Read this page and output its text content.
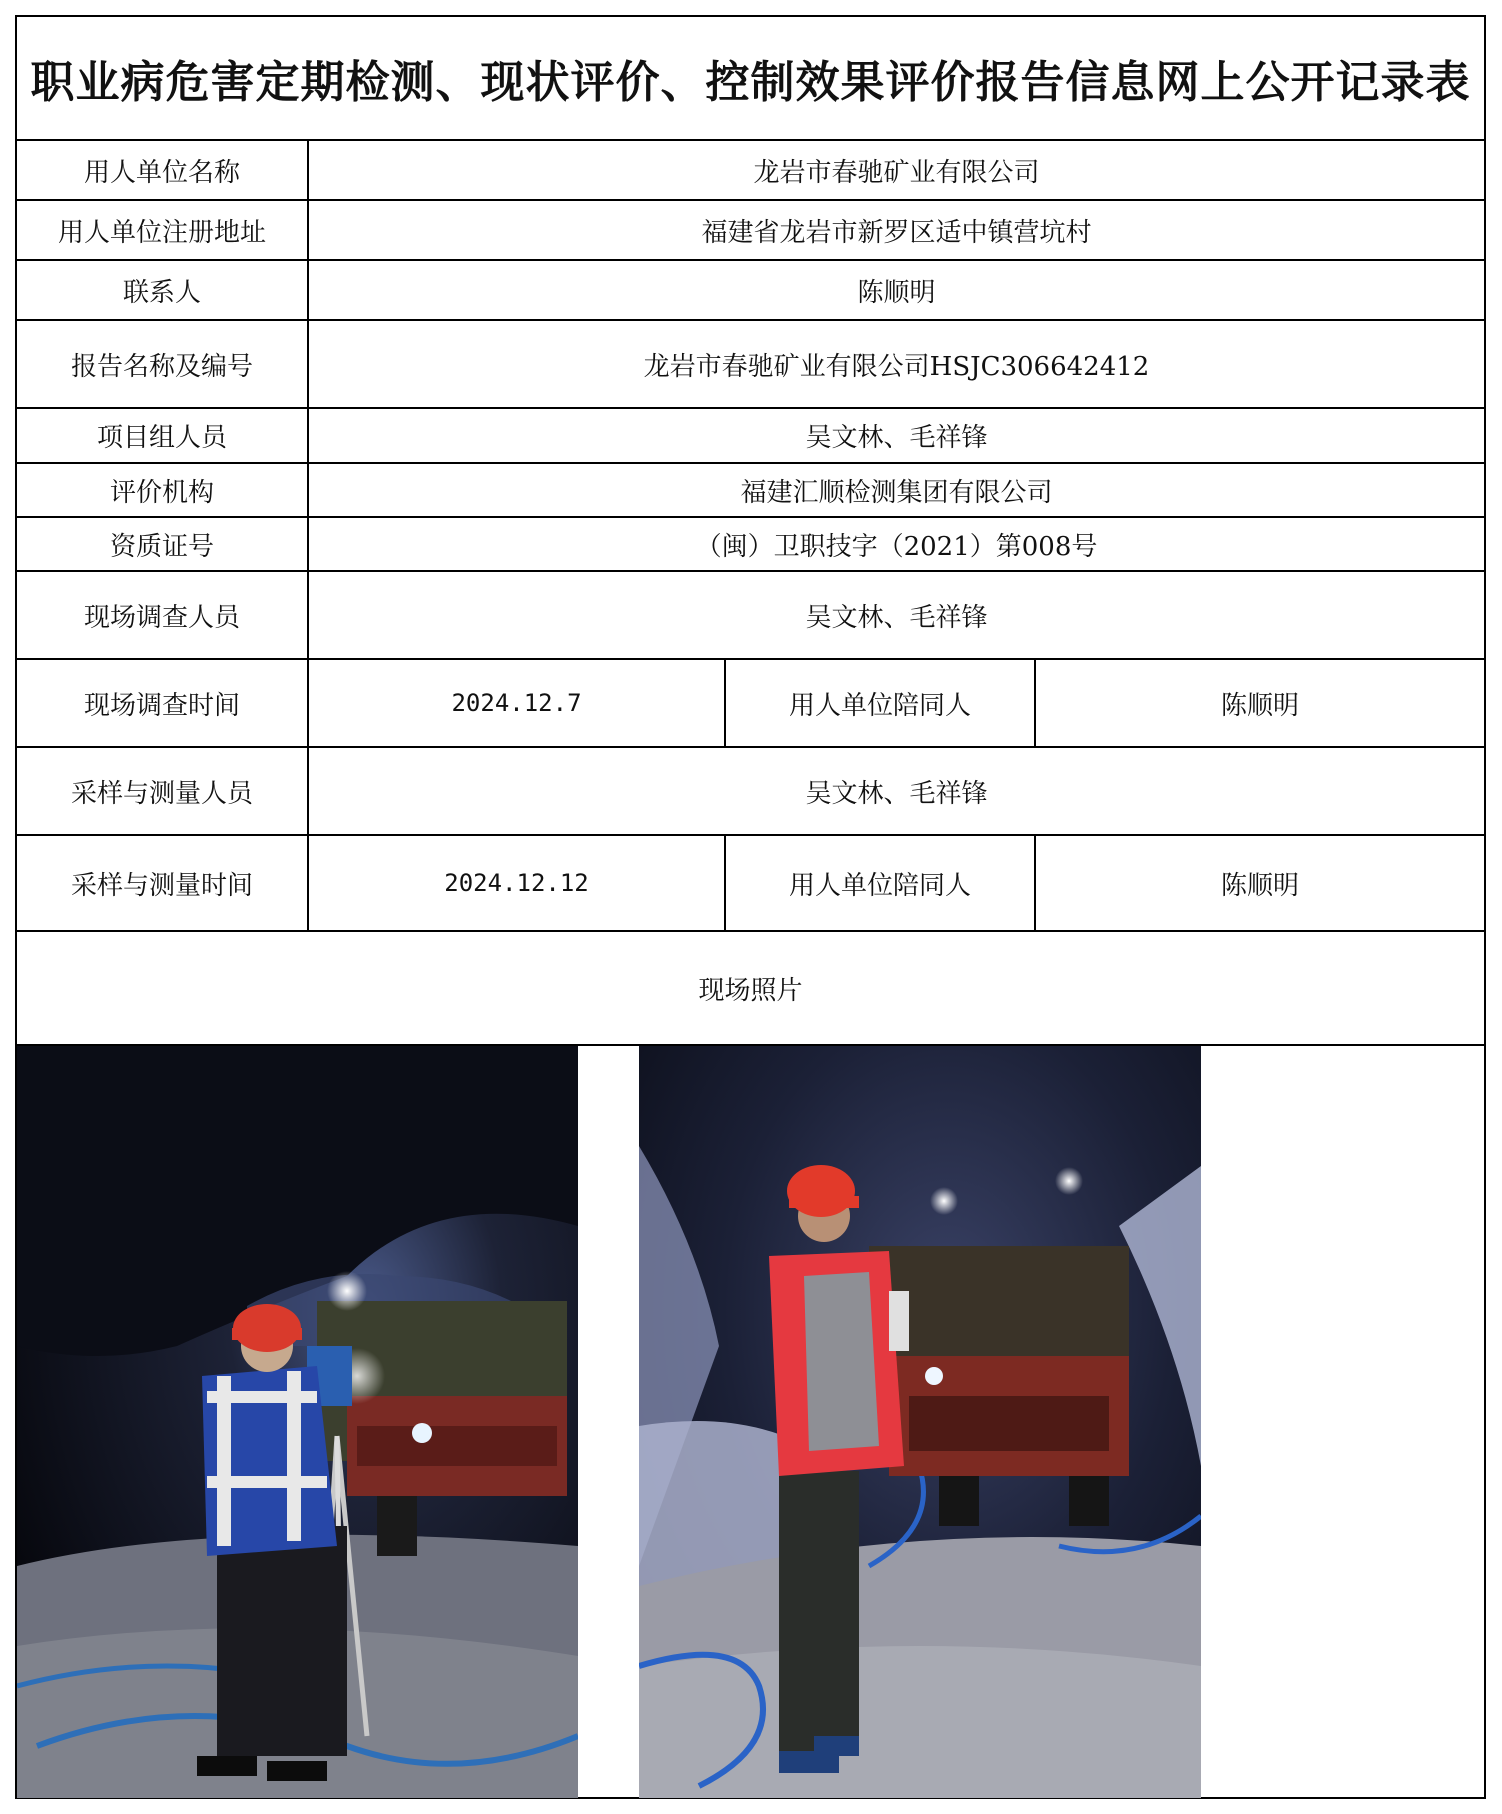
职业病危害定期检测、现状评价、控制效果评价报告信息网上公开记录表
用人单位名称	龙岩市春驰矿业有限公司
用人单位注册地址	福建省龙岩市新罗区适中镇营坑村
联系人	陈顺明
报告名称及编号	龙岩市春驰矿业有限公司HSJC306642412
项目组人员	吴文林、毛祥锋
评价机构	福建汇顺检测集团有限公司
资质证号	（闽）卫职技字（2021）第008号
现场调查人员	吴文林、毛祥锋
现场调查时间	2024.12.7	用人单位陪同人	陈顺明
采样与测量人员	吴文林、毛祥锋
采样与测量时间	2024.12.12	用人单位陪同人	陈顺明
现场照片
